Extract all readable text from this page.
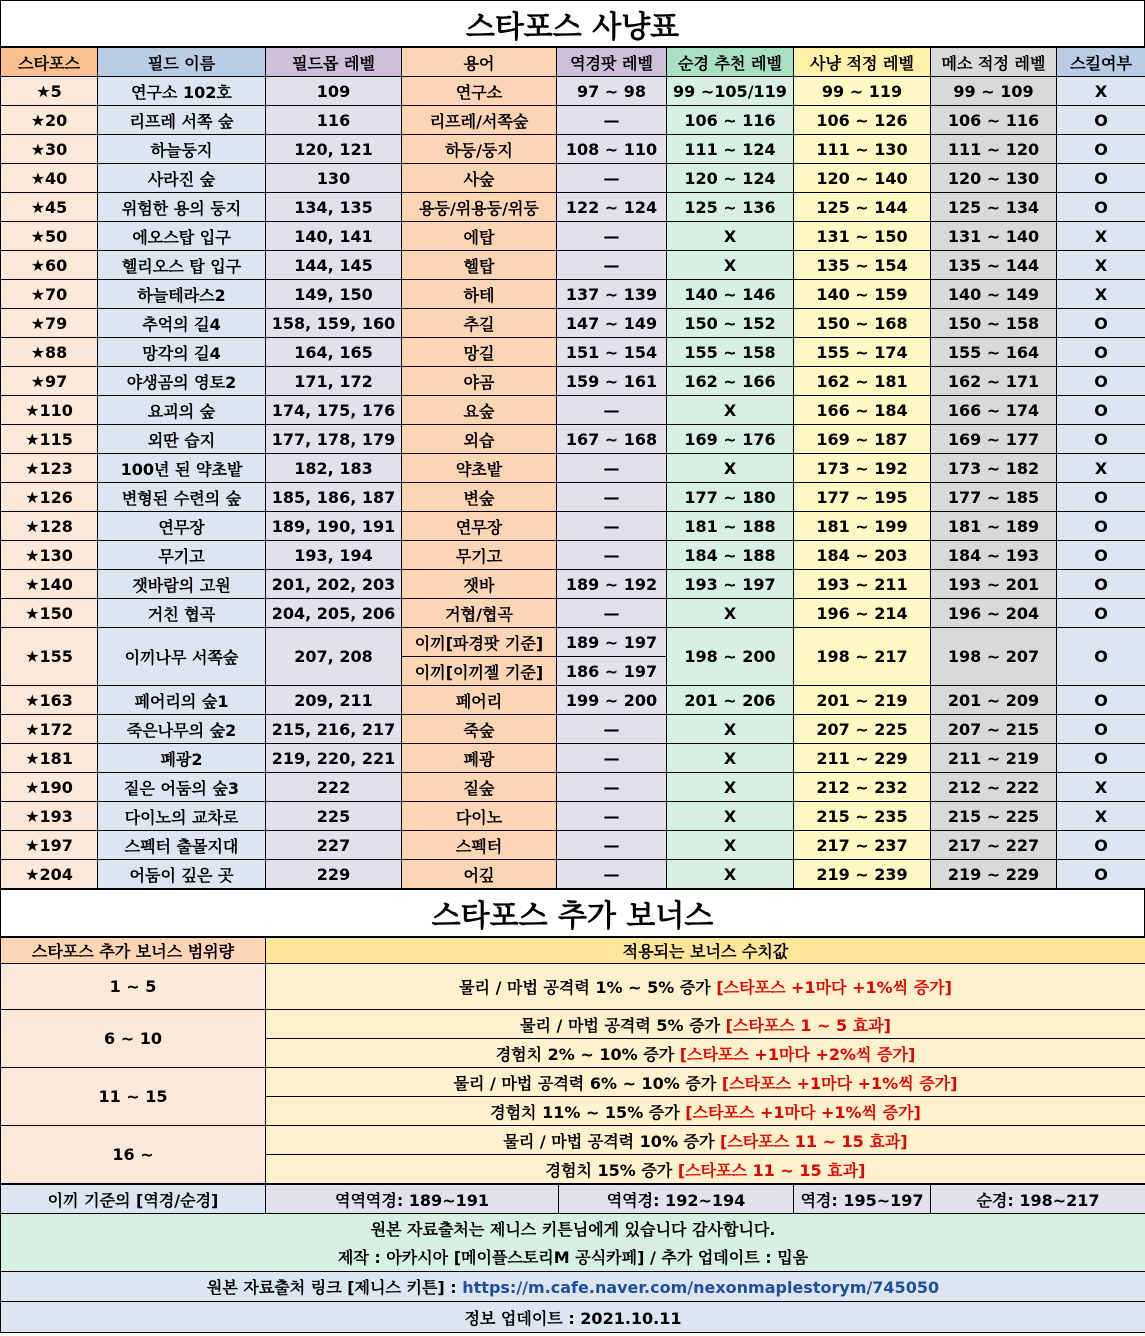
스타포스 사냥표
스타포스	필드 이름	필드몹 레벨	용어	역경팟 레벨	순경 추천 레벨	사냥 적정 레벨	메소 적정 레벨	스킬여부
★5	연구소 102호	109	연구소	97 ~ 98	99 ~105/119	99 ~ 119	99 ~ 109	X
★20	리프레 서쪽 숲	116	리프레/서쪽숲	—	106 ~ 116	106 ~ 126	106 ~ 116	O
★30	하늘둥지	120, 121	하둥/둥지	108 ~ 110	111 ~ 124	111 ~ 130	111 ~ 120	O
★40	사라진 숲	130	사숲	—	120 ~ 124	120 ~ 140	120 ~ 130	O
★45	위험한 용의 둥지	134, 135	용둥/위용둥/위둥	122 ~ 124	125 ~ 136	125 ~ 144	125 ~ 134	O
★50	에오스탑 입구	140, 141	에탑	—	X	131 ~ 150	131 ~ 140	X
★60	헬리오스 탑 입구	144, 145	헬탑	—	X	135 ~ 154	135 ~ 144	X
★70	하늘테라스2	149, 150	하테	137 ~ 139	140 ~ 146	140 ~ 159	140 ~ 149	X
★79	추억의 길4	158, 159, 160	추길	147 ~ 149	150 ~ 152	150 ~ 168	150 ~ 158	O
★88	망각의 길4	164, 165	망길	151 ~ 154	155 ~ 158	155 ~ 174	155 ~ 164	O
★97	야생곰의 영토2	171, 172	야곰	159 ~ 161	162 ~ 166	162 ~ 181	162 ~ 171	O
★110	요괴의 숲	174, 175, 176	요숲	—	X	166 ~ 184	166 ~ 174	O
★115	외딴 습지	177, 178, 179	외습	167 ~ 168	169 ~ 176	169 ~ 187	169 ~ 177	O
★123	100년 된 약초밭	182, 183	약초밭	—	X	173 ~ 192	173 ~ 182	X
★126	변형된 수련의 숲	185, 186, 187	변숲	—	177 ~ 180	177 ~ 195	177 ~ 185	O
★128	연무장	189, 190, 191	연무장	—	181 ~ 188	181 ~ 199	181 ~ 189	O
★130	무기고	193, 194	무기고	—	184 ~ 188	184 ~ 203	184 ~ 193	O
★140	잿바람의 고원	201, 202, 203	잿바	189 ~ 192	193 ~ 197	193 ~ 211	193 ~ 201	O
★150	거친 협곡	204, 205, 206	거협/협곡	—	X	196 ~ 214	196 ~ 204	O
★155	이끼나무 서쪽숲	207, 208	이끼[파경팟 기준]	189 ~ 197	198 ~ 200	198 ~ 217	198 ~ 207	O
			이끼[이끼젤 기준]	186 ~ 197				
★163	페어리의 숲1	209, 211	페어리	199 ~ 200	201 ~ 206	201 ~ 219	201 ~ 209	O
★172	죽은나무의 숲2	215, 216, 217	죽숲	—	X	207 ~ 225	207 ~ 215	O
★181	폐광2	219, 220, 221	폐광	—	X	211 ~ 229	211 ~ 219	O
★190	짙은 어둠의 숲3	222	짙숲	—	X	212 ~ 232	212 ~ 222	X
★193	다이노의 교차로	225	다이노	—	X	215 ~ 235	215 ~ 225	X
★197	스펙터 출몰지대	227	스펙터	—	X	217 ~ 237	217 ~ 227	O
★204	어둠이 깊은 곳	229	어깊	—	X	219 ~ 239	219 ~ 229	O
스타포스 추가 보너스
스타포스 추가 보너스 범위량	적용되는 보너스 수치값
1 ~ 5	물리 / 마법 공격력 1% ~ 5% 증가 [스타포스 +1마다 +1%씩 증가]
6 ~ 10	물리 / 마법 공격력 5% 증가 [스타포스 1 ~ 5 효과]
	경험치 2% ~ 10% 증가 [스타포스 +1마다 +2%씩 증가]
11 ~ 15	물리 / 마법 공격력 6% ~ 10% 증가 [스타포스 +1마다 +1%씩 증가]
	경험치 11% ~ 15% 증가 [스타포스 +1마다 +1%씩 증가]
16 ~	물리 / 마법 공격력 10% 증가 [스타포스 11 ~ 15 효과]
	경험치 15% 증가 [스타포스 11 ~ 15 효과]
이끼 기준의 [역경/순경]	역역역경: 189~191	역역경: 192~194	역경: 195~197	순경: 198~217
원본 자료출처는 제니스 키튼님에게 있습니다 감사합니다.
제작 : 아카시아 [메이플스토리M 공식카페] / 추가 업데이트 : 밉움
원본 자료출처 링크 [제니스 키튼] : https://m.cafe.naver.com/nexonmaplestorym/745050
정보 업데이트 : 2021.10.11
